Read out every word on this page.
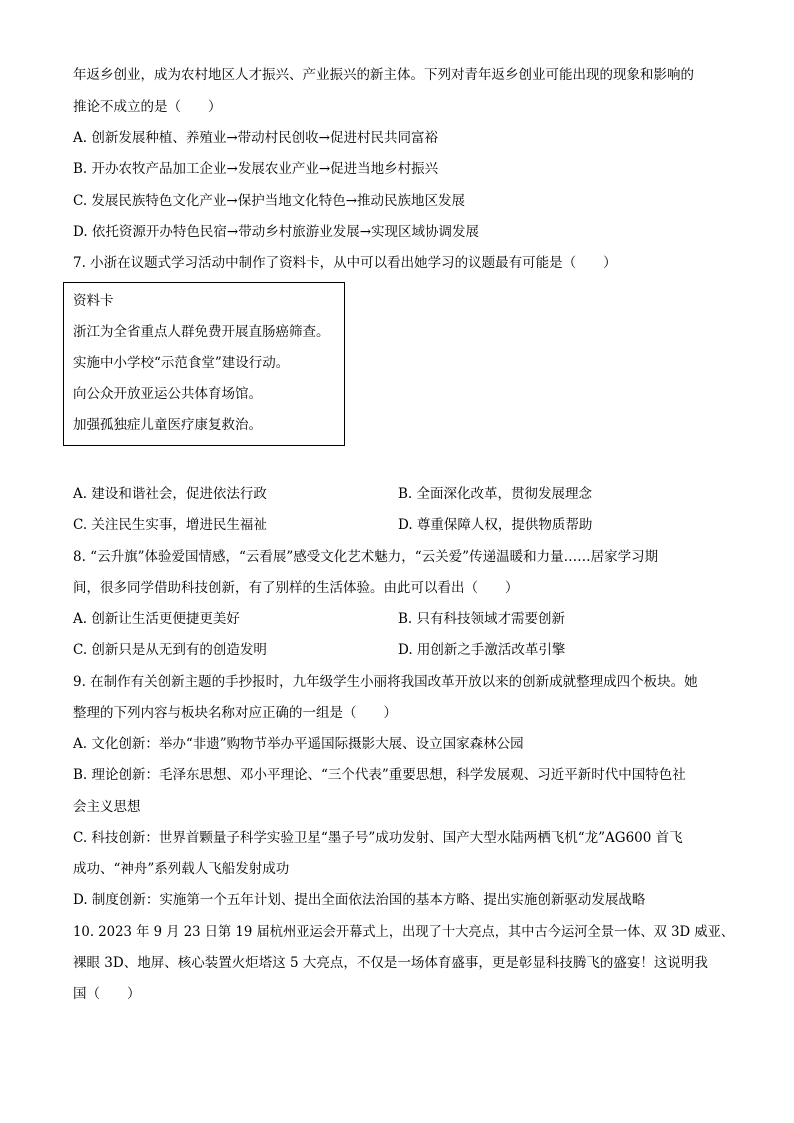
年返乡创业，成为农村地区人才振兴、产业振兴的新主体。下列对青年返乡创业可能出现的现象和影响的
推论不成立的是（　　）
A. 创新发展种植、养殖业→带动村民创收→促进村民共同富裕
B. 开办农牧产品加工企业→发展农业产业→促进当地乡村振兴
C. 发展民族特色文化产业→保护当地文化特色→推动民族地区发展
D. 依托资源开办特色民宿→带动乡村旅游业发展→实现区域协调发展
7. 小浙在议题式学习活动中制作了资料卡，从中可以看出她学习的议题最有可能是（　　）
资料卡
浙江为全省重点人群免费开展直肠癌筛查。
实施中小学校“示范食堂”建设行动。
向公众开放亚运公共体育场馆。
加强孤独症儿童医疗康复救治。
A. 建设和谐社会，促进依法行政	B. 全面深化改革，贯彻发展理念
C. 关注民生实事，增进民生福祉	D. 尊重保障人权，提供物质帮助
8. “云升旗”体验爱国情感，“云看展”感受文化艺术魅力，“云关爱”传递温暖和力量……居家学习期
间，很多同学借助科技创新，有了别样的生活体验。由此可以看出（　　）
A. 创新让生活更便捷更美好	B. 只有科技领域才需要创新
C. 创新只是从无到有的创造发明	D. 用创新之手激活改革引擎
9. 在制作有关创新主题的手抄报时，九年级学生小丽将我国改革开放以来的创新成就整理成四个板块。她
整理的下列内容与板块名称对应正确的一组是（　　）
A. 文化创新：举办“非遗”购物节举办平遥国际摄影大展、设立国家森林公园
B. 理论创新：毛泽东思想、邓小平理论、“三个代表”重要思想，科学发展观、习近平新时代中国特色社
会主义思想
C. 科技创新：世界首颗量子科学实验卫星“墨子号”成功发射、国产大型水陆两栖飞机“龙”AG600 首飞
成功、“神舟”系列载人飞船发射成功
D. 制度创新：实施第一个五年计划、提出全面依法治国的基本方略、提出实施创新驱动发展战略
10. 2023 年 9 月 23 日第 19 届杭州亚运会开幕式上，出现了十大亮点，其中古今运河全景一体、双 3D 威亚、
裸眼 3D、地屏、核心装置火炬塔这 5 大亮点，不仅是一场体育盛事，更是彰显科技腾飞的盛宴！这说明我
国（　　）
